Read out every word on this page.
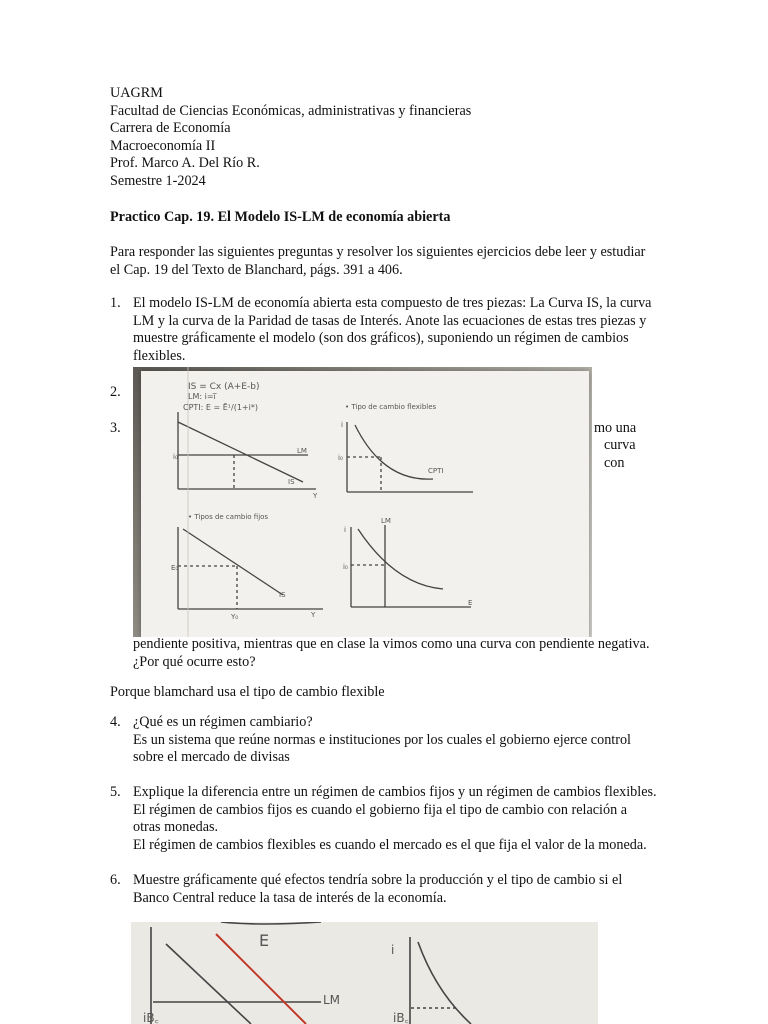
UAGRM
Facultad de Ciencias Económicas, administrativas y financieras
Carrera de Economía
Macroeconomía II
Prof. Marco A. Del Río R.
Semestre 1-2024
Practico Cap. 19. El Modelo IS-LM de economía abierta
Para responder las siguientes preguntas y resolver los siguientes ejercicios debe leer y estudiar
el Cap. 19 del Texto de Blanchard, págs. 391 a 406.
1. El modelo IS-LM de economía abierta esta compuesto de tres piezas: La Curva IS, la curva
LM y la curva de la Paridad de tasas de Interés. Anote las ecuaciones de estas tres piezas y
muestre gráficamente el modelo (son dos gráficos), suponiendo un régimen de cambios
flexibles.
2.
3.	mo una
curva
con
IS = Cx (A+E-b)
LM: i=i̅
CPTI: E = Ē¹/(1+i*)	• Tipo de cambio flexibles
• Tipos de cambio fijos
i₀
LM
IS
Y
i
i₀
CPTI
E₀
IS
Y₀	Y
i
LM
i₀
E
pendiente positiva, mientras que en clase la vimos como una curva con pendiente negativa.
¿Por qué ocurre esto?
Porque blamchard usa el tipo de cambio flexible
4. ¿Qué es un régimen cambiario?
Es un sistema que reúne normas e instituciones por los cuales el gobierno ejerce control
sobre el mercado de divisas
5. Explique la diferencia entre un régimen de cambios fijos y un régimen de cambios flexibles.
El régimen de cambios fijos es cuando el gobierno fija el tipo de cambio con relación a
otras monedas.
El régimen de cambios flexibles es cuando el mercado es el que fija el valor de la moneda.
6. Muestre gráficamente qué efectos tendría sobre la producción y el tipo de cambio si el
Banco Central reduce la tasa de interés de la economía.
E
LM
iB꜀	iB꜀
i
